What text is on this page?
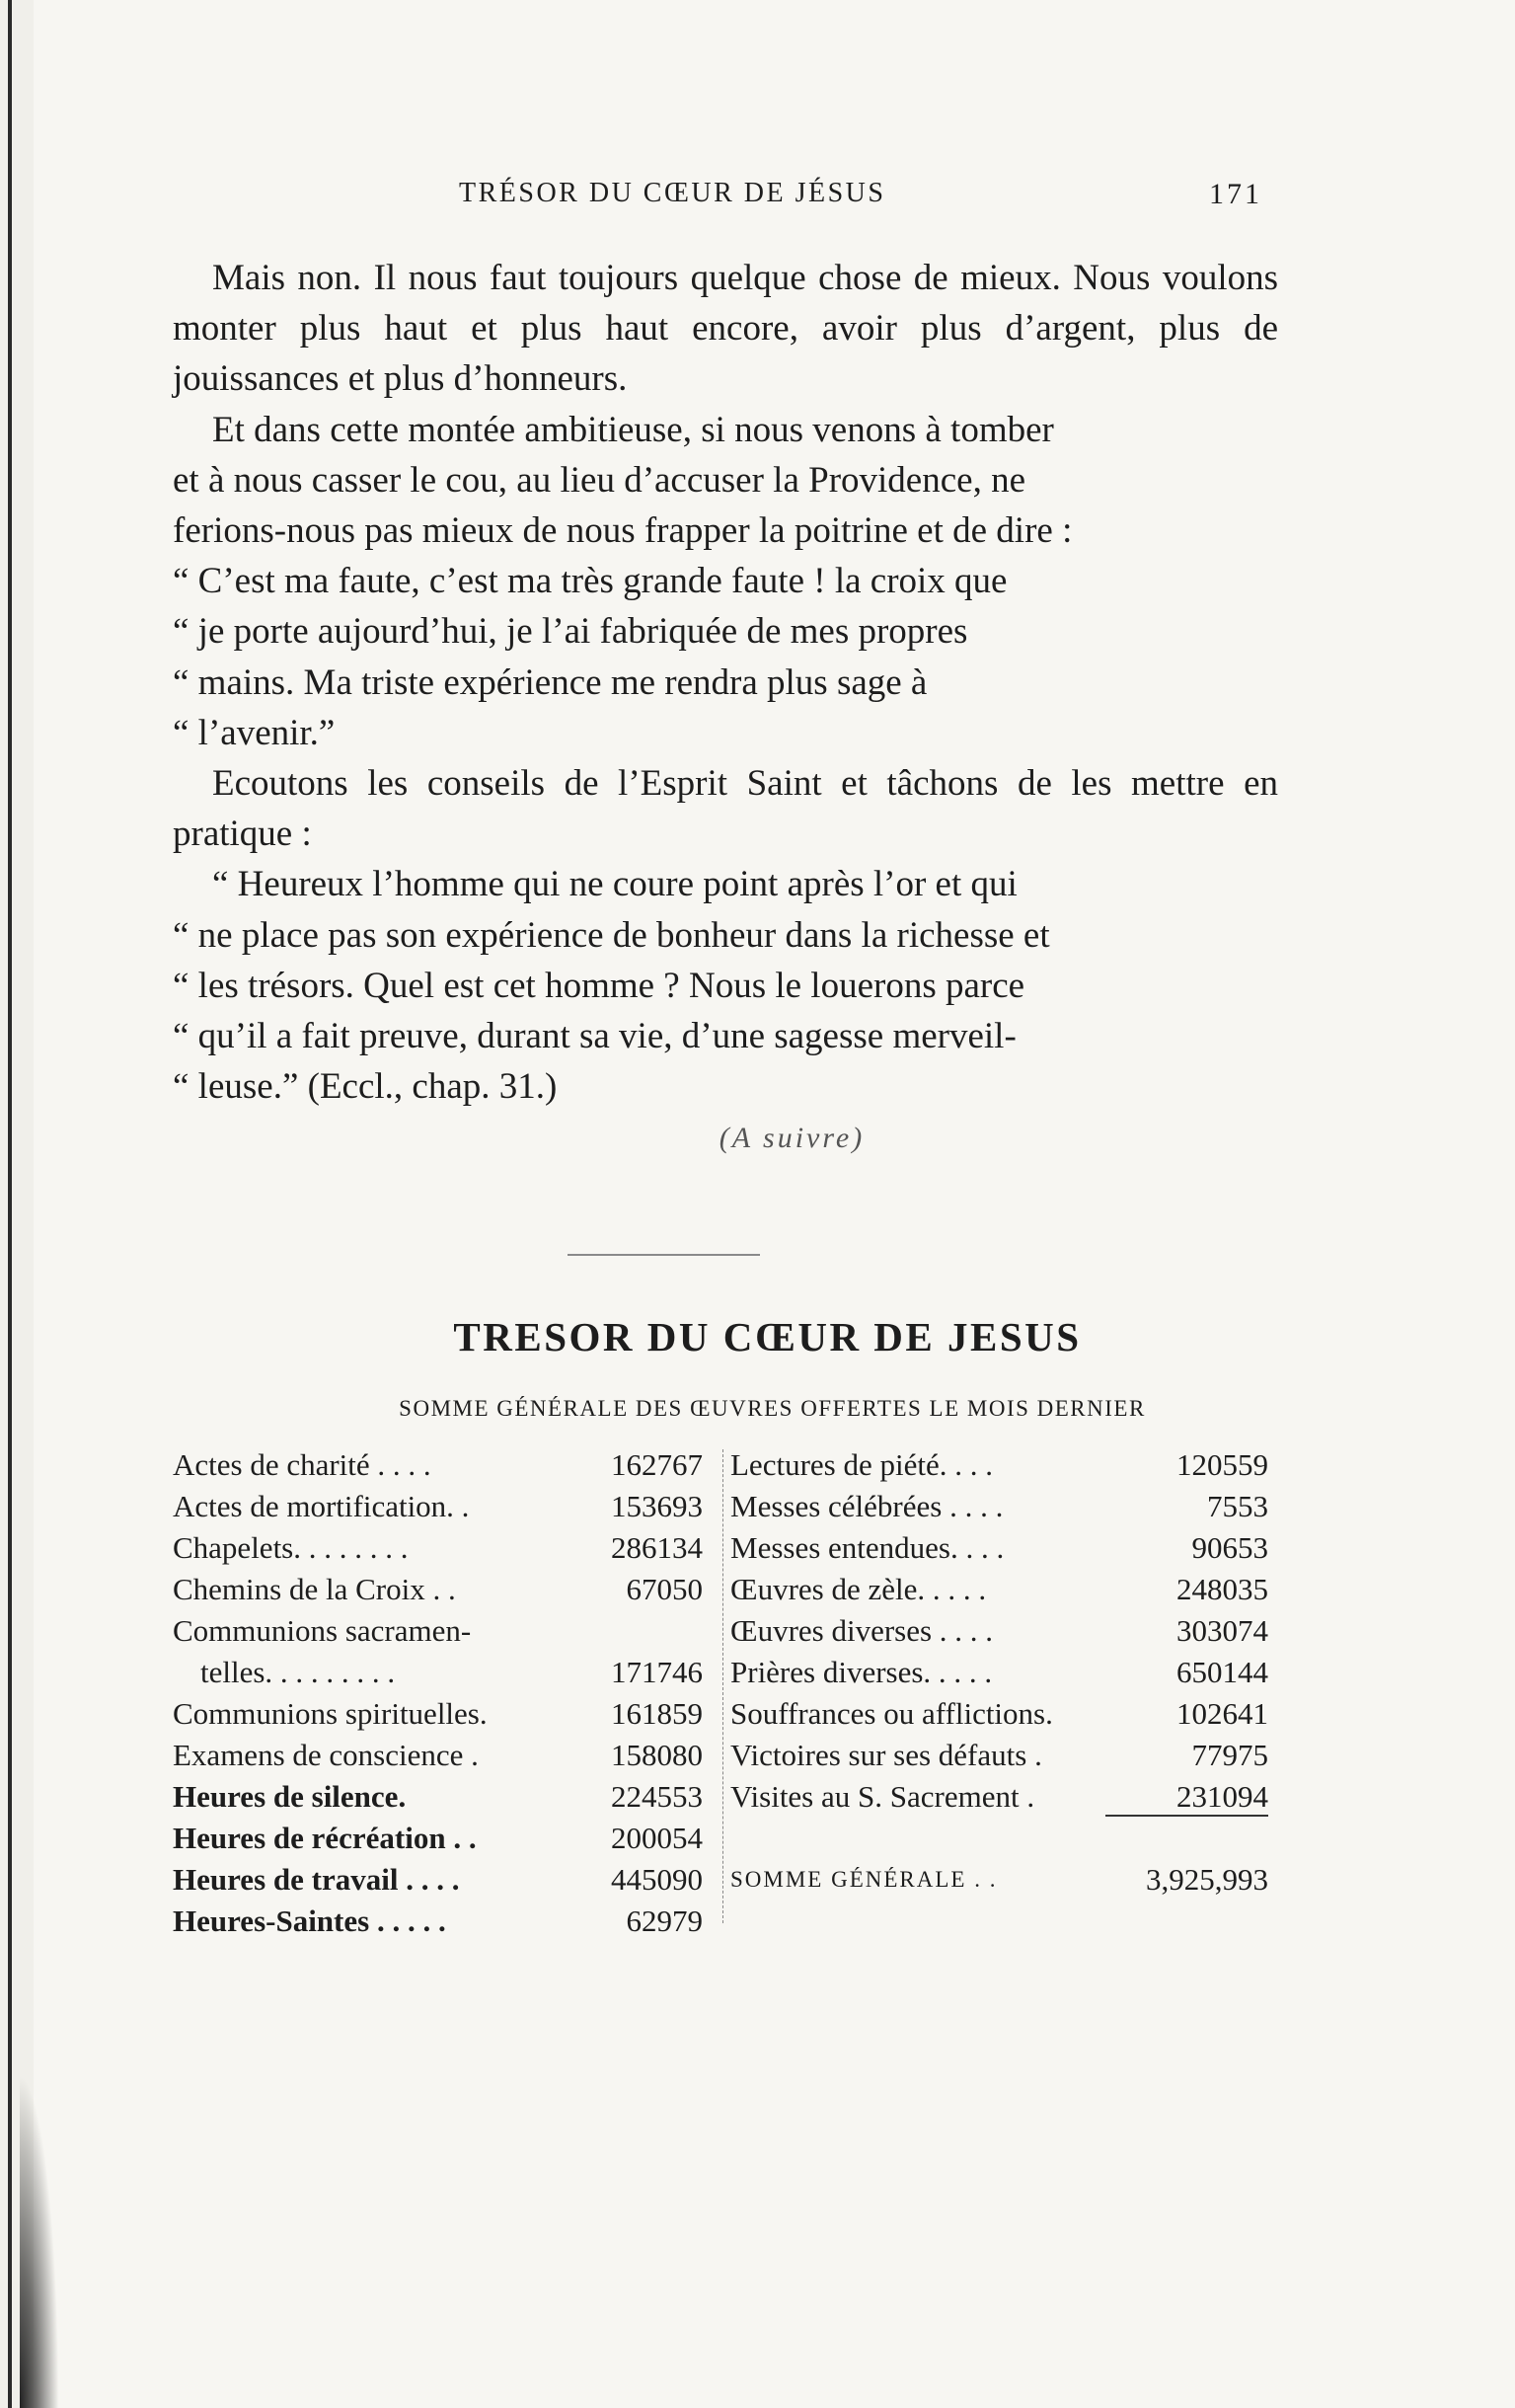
TRÉSOR DU CŒUR DE JÉSUS	171

Mais non. Il nous faut toujours quelque chose de mieux. Nous voulons monter plus haut et plus haut encore, avoir plus d’argent, plus de jouissances et plus d’honneurs.

Et dans cette montée ambitieuse, si nous venons à tomber

et à nous casser le cou, au lieu d’accuser la Providence, ne

ferions-nous pas mieux de nous frapper la poitrine et de dire :

“ C’est ma faute, c’est ma très grande faute ! la croix que

“ je porte aujourd’hui, je l’ai fabriquée de mes propres

“ mains. Ma triste expérience me rendra plus sage à

“ l’avenir.”

Ecoutons les conseils de l’Esprit Saint et tâchons de les mettre en pratique :

“ Heureux l’homme qui ne coure point après l’or et qui

“ ne place pas son expérience de bonheur dans la richesse et

“ les trésors. Quel est cet homme ? Nous le louerons parce

“ qu’il a fait preuve, durant sa vie, d’une sagesse merveil-

“ leuse.” (Eccl., chap. 31.)

(A suivre)
TRESOR DU CŒUR DE JESUS
SOMME GÉNÉRALE DES ŒUVRES OFFERTES LE MOIS DERNIER
Actes de charité . . . .	162767
Actes de mortification. .	153693
Chapelets. . . . . . . .	286134
Chemins de la Croix . .	67050
Communions sacramen-
telles. . . . . . . . .	171746
Communions spirituelles.	161859
Examens de conscience .	158080
Heures de silence.	224553
Heures de récréation . .	200054
Heures de travail . . . .	445090
Heures-Saintes . . . . .	62979
Lectures de piété. . . .	120559
Messes célébrées . . . .	7553
Messes entendues. . . .	90653
Œuvres de zèle. . . . .	248035
Œuvres diverses . . . .	303074
Prières diverses. . . . .	650144
Souffrances ou afflictions.	102641
Victoires sur ses défauts .	77975
Visites au S. Sacrement .	231094
SOMME GÉNÉRALE . .	3,925,993
